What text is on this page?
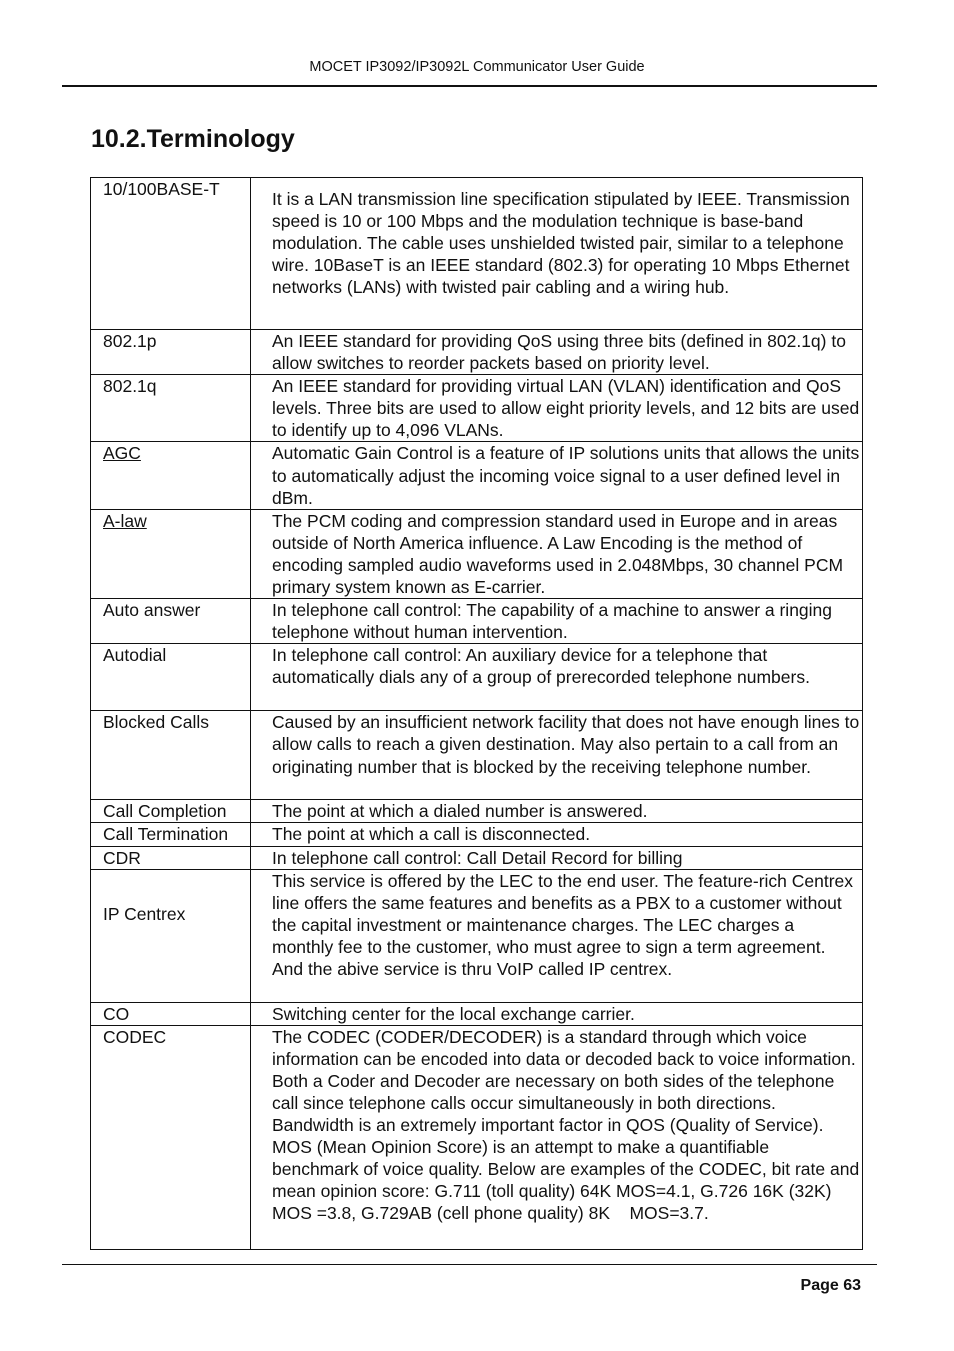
MOCET IP3092/IP3092L Communicator User Guide
10.2.Terminology
10/100BASE-T	It is a LAN transmission line specification stipulated by IEEE. Transmission speed is 10 or 100 Mbps and the modulation technique is base-band modulation. The cable uses unshielded twisted pair, similar to a telephone wire. 10BaseT is an IEEE standard (802.3) for operating 10 Mbps Ethernet networks (LANs) with twisted pair cabling and a wiring hub.
802.1p	An IEEE standard for providing QoS using three bits (defined in 802.1q) to allow switches to reorder packets based on priority level.
802.1q	An IEEE standard for providing virtual LAN (VLAN) identification and QoS levels. Three bits are used to allow eight priority levels, and 12 bits are used to identify up to 4,096 VLANs.
AGC	Automatic Gain Control is a feature of IP solutions units that allows the units to automatically adjust the incoming voice signal to a user defined level in dBm.
A-law	The PCM coding and compression standard used in Europe and in areas outside of North America influence. A Law Encoding is the method of encoding sampled audio waveforms used in 2.048Mbps, 30 channel PCM primary system known as E-carrier.
Auto answer	In telephone call control: The capability of a machine to answer a ringing telephone without human intervention.
Autodial	In telephone call control: An auxiliary device for a telephone that automatically dials any of a group of prerecorded telephone numbers.
Blocked Calls	Caused by an insufficient network facility that does not have enough lines to allow calls to reach a given destination. May also pertain to a call from an originating number that is blocked by the receiving telephone number.
Call Completion	The point at which a dialed number is answered.
Call Termination	The point at which a call is disconnected.
CDR	In telephone call control: Call Detail Record for billing
IP Centrex	This service is offered by the LEC to the end user. The feature-rich Centrex line offers the same features and benefits as a PBX to a customer without the capital investment or maintenance charges. The LEC charges a monthly fee to the customer, who must agree to sign a term agreement. And the abive service is thru VoIP called IP centrex.
CO	Switching center for the local exchange carrier.
CODEC	The CODEC (CODER/DECODER) is a standard through which voice information can be encoded into data or decoded back to voice information. Both a Coder and Decoder are necessary on both sides of the telephone call since telephone calls occur simultaneously in both directions. Bandwidth is an extremely important factor in QOS (Quality of Service). MOS (Mean Opinion Score) is an attempt to make a quantifiable benchmark of voice quality. Below are examples of the CODEC, bit rate and mean opinion score: G.711 (toll quality) 64K MOS=4.1, G.726 16K (32K) MOS =3.8, G.729AB (cell phone quality) 8K    MOS=3.7.
Page 63
